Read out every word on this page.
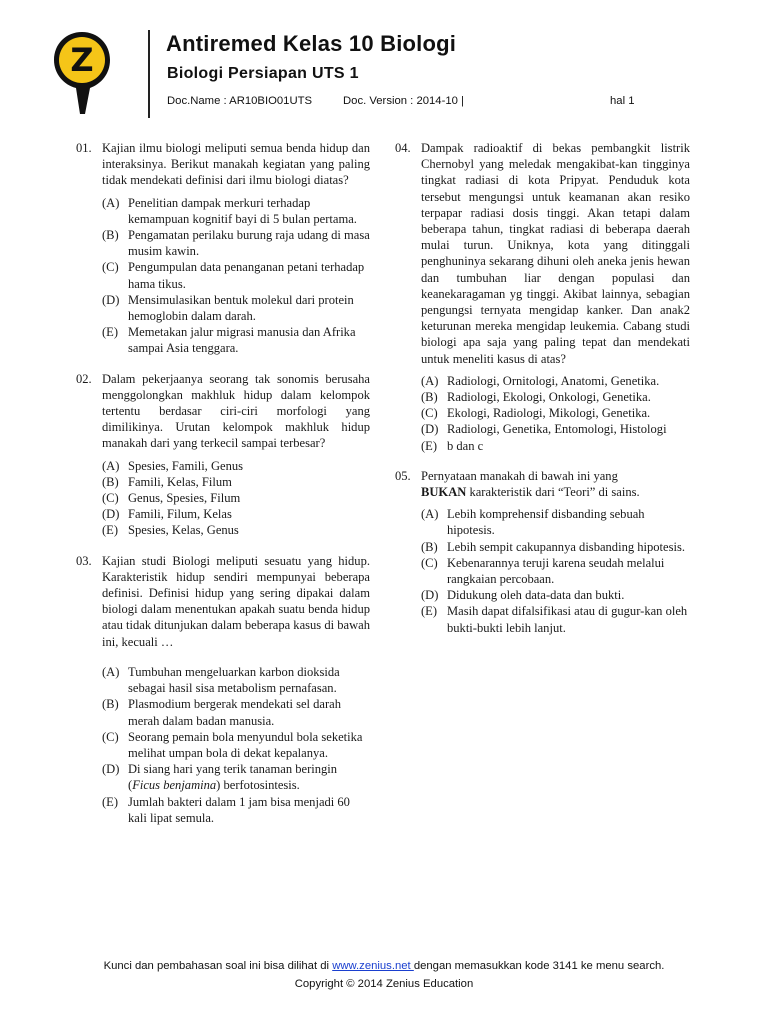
Z	Antiremed Kelas 10 Biologi
Biologi Persiapan UTS 1
Doc.Name : AR10BIO01UTS	Doc. Version : 2014-10 |	hal 1
01. Kajian ilmu biologi meliputi semua benda hidup dan interaksinya. Berikut manakah kegiatan yang paling tidak mendekati definisi dari ilmu biologi diatas?
(A) Penelitian dampak merkuri terhadap kemampuan kognitif bayi di 5 bulan pertama.
(B) Pengamatan perilaku burung raja udang di masa musim kawin.
(C) Pengumpulan data penanganan petani terhadap hama tikus.
(D) Mensimulasikan bentuk molekul dari protein hemoglobin dalam darah.
(E) Memetakan jalur migrasi manusia dan Afrika sampai Asia tenggara.
02. Dalam pekerjaanya seorang tak sonomis berusaha menggolongkan makhluk hidup dalam kelompok tertentu berdasar ciri-ciri morfologi yang dimilikinya. Urutan kelompok makhluk hidup manakah dari yang terkecil sampai terbesar?
(A) Spesies, Famili, Genus
(B) Famili, Kelas, Filum
(C) Genus, Spesies, Filum
(D) Famili, Filum, Kelas
(E) Spesies, Kelas, Genus
03. Kajian studi Biologi meliputi sesuatu yang hidup. Karakteristik hidup sendiri mempunyai beberapa definisi. Definisi hidup yang sering dipakai dalam biologi dalam menentukan apakah suatu benda hidup atau tidak ditunjukan dalam beberapa kasus di bawah ini, kecuali …
(A) Tumbuhan mengeluarkan karbon dioksida sebagai hasil sisa metabolism pernafasan.
(B) Plasmodium bergerak mendekati sel darah merah dalam badan manusia.
(C) Seorang pemain bola menyundul bola seketika melihat umpan bola di dekat kepalanya.
(D) Di siang hari yang terik tanaman beringin (Ficus benjamina) berfotosintesis.
(E) Jumlah bakteri dalam 1 jam bisa menjadi 60 kali lipat semula.
04. Dampak radioaktif di bekas pembangkit listrik Chernobyl yang meledak mengakibat-kan tingginya tingkat radiasi di kota Pripyat. Penduduk kota tersebut mengungsi untuk keamanan akan resiko terpapar radiasi dosis tinggi. Akan tetapi dalam beberapa tahun, tingkat radiasi di beberapa daerah mulai turun. Uniknya, kota yang ditinggali penghuninya sekarang dihuni oleh aneka jenis hewan dan tumbuhan liar dengan populasi dan keanekaragaman yg tinggi. Akibat lainnya, sebagian pengungsi ternyata mengidap kanker. Dan anak2 keturunan mereka mengidap leukemia. Cabang studi biologi apa saja yang paling tepat dan mendekati untuk meneliti kasus di atas?
(A) Radiologi, Ornitologi, Anatomi, Genetika.
(B) Radiologi, Ekologi, Onkologi, Genetika.
(C) Ekologi, Radiologi, Mikologi, Genetika.
(D) Radiologi, Genetika, Entomologi, Histologi
(E) b dan c
05. Pernyataan manakah di bawah ini yang
BUKAN karakteristik dari “Teori” di sains.
(A) Lebih komprehensif disbanding sebuah hipotesis.
(B) Lebih sempit cakupannya disbanding hipotesis.
(C) Kebenarannya teruji karena seudah melalui rangkaian percobaan.
(D) Didukung oleh data-data dan bukti.
(E) Masih dapat difalsifikasi atau di gugur-kan oleh bukti-bukti lebih lanjut.
Kunci dan pembahasan soal ini bisa dilihat di www.zenius.net dengan memasukkan kode 3141 ke menu search.
Copyright © 2014 Zenius Education
